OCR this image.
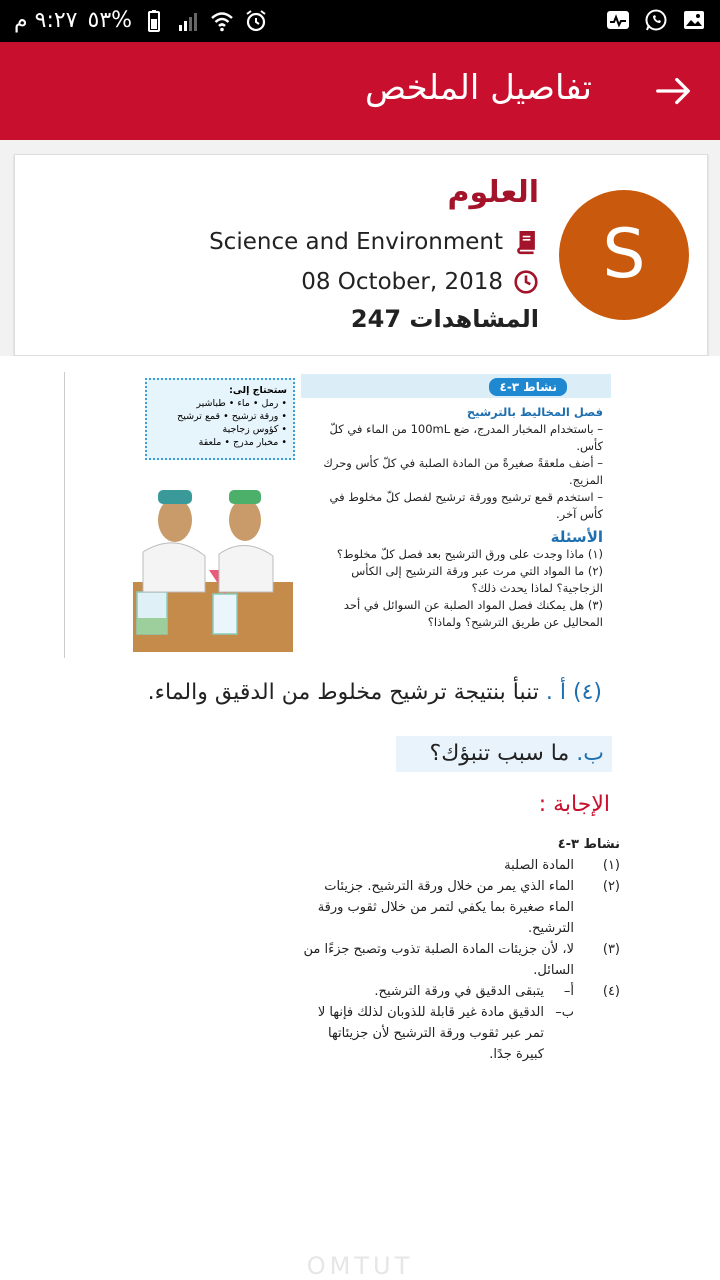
٩:٢٧ م %٥٣
تفاصيل الملخص
S
العلوم
Science and Environment
08 October, 2018
المشاهدات 247
نشاط ٣-٤
فصل المخاليط بالترشيح
– باستخدام المخبار المدرج، ضع 100mL من الماء في كلّ كأس.
– أضف ملعقةً صغيرةً من المادة الصلبة في كلّ كأس وحرك المزيج.
– استخدم قمع ترشيح وورقة ترشيح لفصل كلّ مخلوط في كأس آخر.
الأسئلة
(١) ماذا وجدت على ورق الترشيح بعد فصل كلّ مخلوط؟
(٢) ما المواد التي مرت عبر ورقة الترشيح إلى الكأس الزجاجية؟ لماذا يحدث ذلك؟
(٣) هل يمكنك فصل المواد الصلبة عن السوائل في أحد المحاليل عن طريق الترشيح؟ ولماذا؟
ستحتاج إلى:
• رمل • ماء • طباشير
• ورقة ترشيح • قمع ترشيح
• كؤوس زجاجية
• مخبار مدرج • ملعقة
(٤) أ . تنبأ بنتيجة ترشيح مخلوط من الدقيق والماء.
ب. ما سبب تنبؤك؟
الإجابة :
نشاط ٣-٤
(١)
المادة الصلبة
(٢)
الماء الذي يمر من خلال ورقة الترشيح. جزيئات الماء صغيرة بما يكفي لتمر من خلال ثقوب ورقة الترشيح.
(٣)
لا، لأن جزيئات المادة الصلبة تذوب وتصبح جزءًا من السائل.
(٤)
أ–
يتبقى الدقيق في ورقة الترشيح.
ب–
الدقيق مادة غير قابلة للذوبان لذلك فإنها لا تمر عبر ثقوب ورقة الترشيح لأن جزيئاتها كبيرة جدًا.
OMTUT
